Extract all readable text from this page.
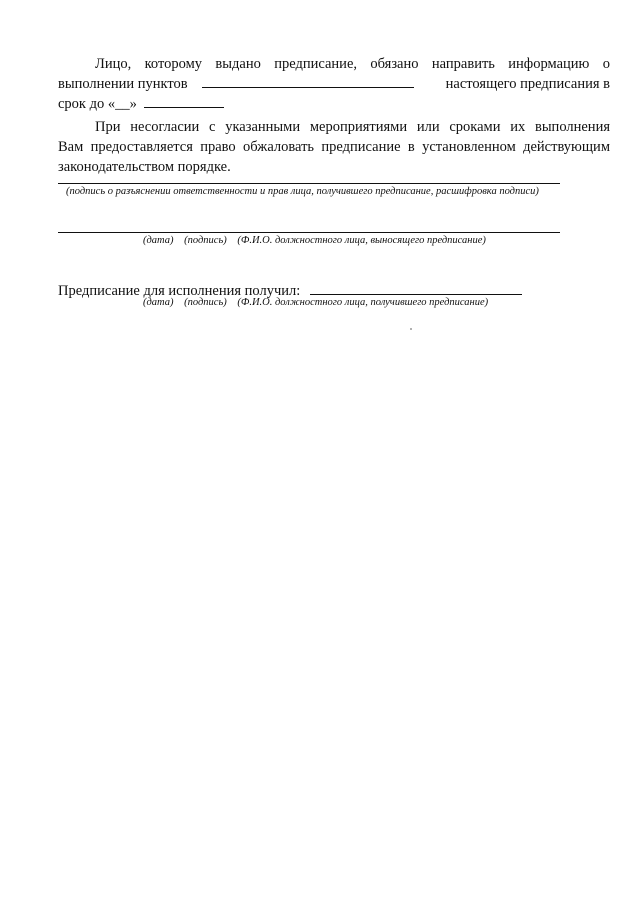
Лицо, которому выдано предписание, обязано направить информацию о
выполнении пунктов	настоящего предписания в
срок до «__»
При несогласии с указанными мероприятиями или сроками их выполнения
Вам предоставляется право обжаловать предписание в установленном действующим
законодательством порядке.
(подпись о разъяснении ответственности и прав лица, получившего предписание, расшифровка подписи)
(дата) (подпись) (Ф.И.О. должностного лица, выносящего предписание)
Предписание для исполнения получил:
(дата) (подпись) (Ф.И.О. должностного лица, получившего предписание)
